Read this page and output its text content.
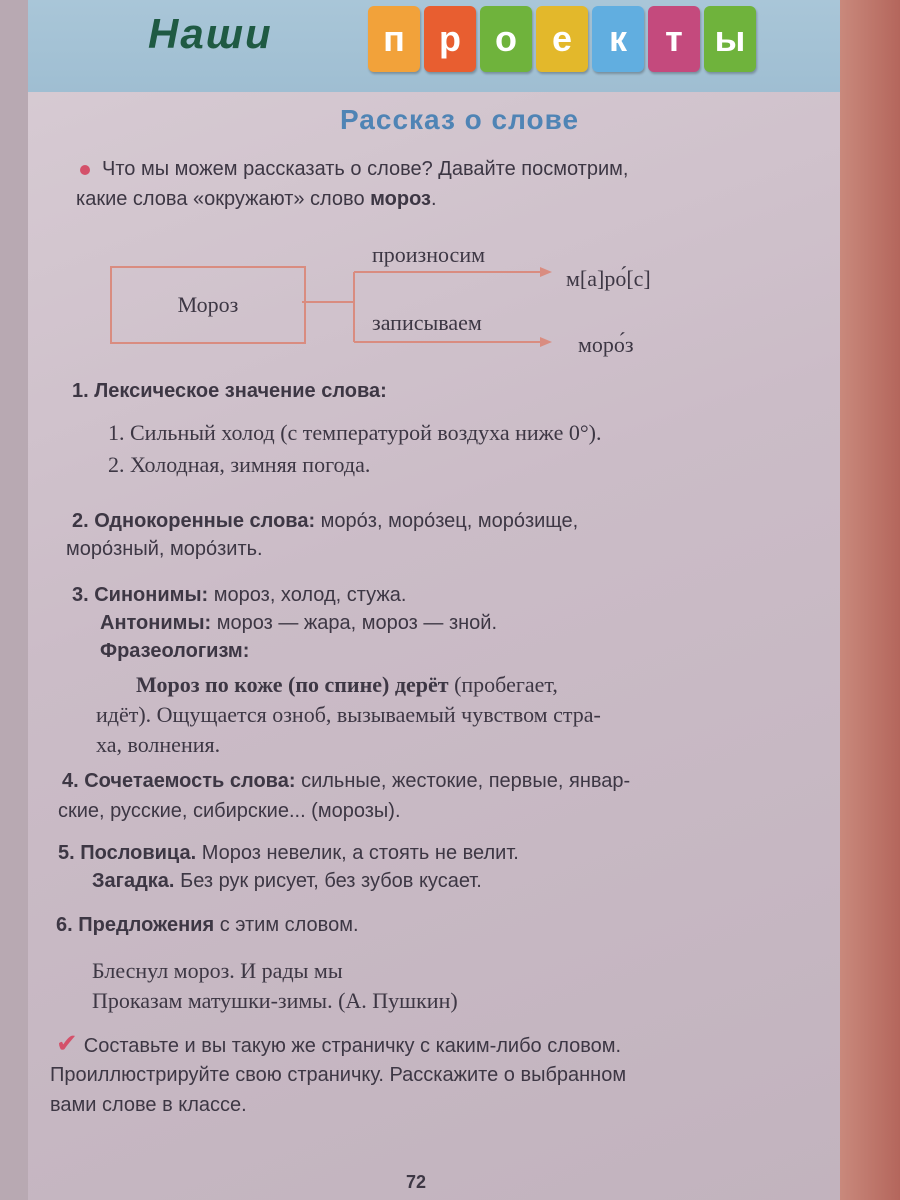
Наши	п р о е	к	т ы
Рассказ о слове
Что мы можем рассказать о слове? Давайте посмотрим,
какие слова «окружают» слово мороз.
Мороз
произносим
м[а]ро́[с]
записываем
моро́з
1. Лексическое значение слова:
1. Сильный холод (с температурой воздуха ниже 0°).
2. Холодная, зимняя погода.
2. Однокоренные слова: моро́з, моро́зец, моро́зище,
моро́зный, моро́зить.
3. Синонимы: мороз, холод, стужа.
Антонимы: мороз — жара, мороз — зной.
Фразеологизм:
Мороз по коже (по спине) дерёт (пробегает,
идёт). Ощущается озноб, вызываемый чувством стра-
ха, волнения.
4. Сочетаемость слова: сильные, жестокие, первые, январ-
ские, русские, сибирские... (морозы).
5. Пословица. Мороз невелик, а стоять не велит.
Загадка. Без рук рисует, без зубов кусает.
6. Предложения с этим словом.
Блеснул мороз. И рады мы
Проказам матушки-зимы. (А. Пушкин)
✔ Составьте и вы такую же страничку с каким-либо словом.
Проиллюстрируйте свою страничку. Расскажите о выбранном
вами слове в классе.
72
